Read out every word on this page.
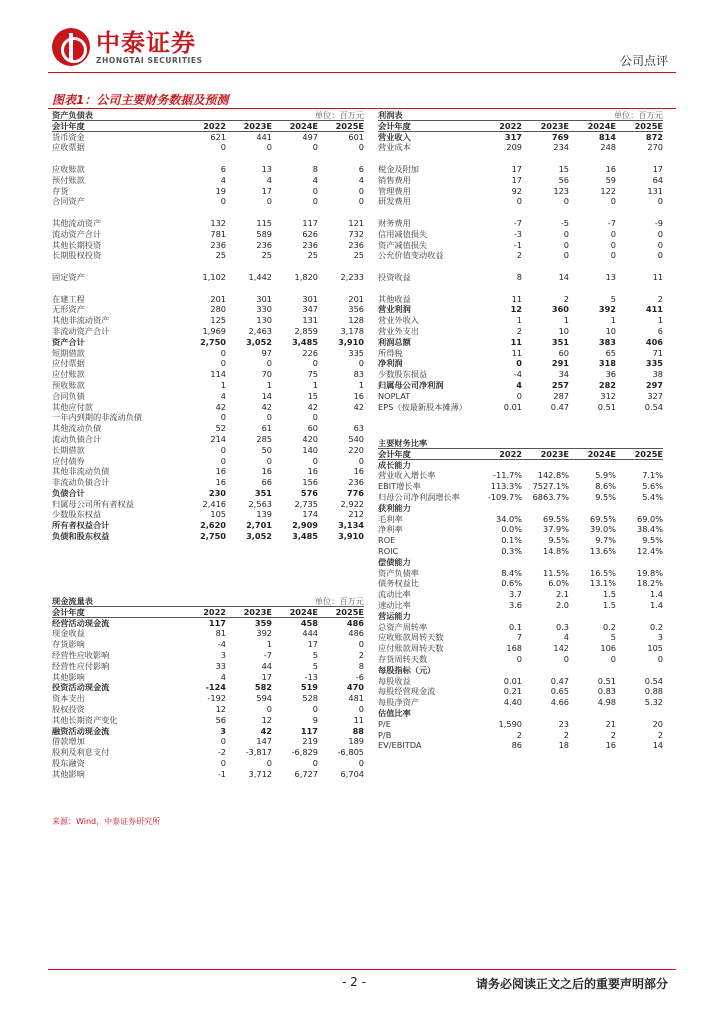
中泰证券
ZHONGTAI SECURITIES	公司点评
图表1：公司主要财务数据及预测
资产负债表	单位：百万元
会计年度	2022	2023E	2024E	2025E
货币资金	621	441	497	601
应收票据	0	0	0	0
应收账款	6	13	8	6
预付账款	4	4	4	4
存货	19	17	0	0
合同资产	0	0	0	0
其他流动资产	132	115	117	121
流动资产合计	781	589	626	732
其他长期投资	236	236	236	236
长期股权投资	25	25	25	25
固定资产	1,102	1,442	1,820	2,233
在建工程	201	301	301	201
无形资产	280	330	347	356
其他非流动资产	125	130	131	128
非流动资产合计	1,969	2,463	2,859	3,178
资产合计	2,750	3,052	3,485	3,910
短期借款	0	97	226	335
应付票据	0	0	0	0
应付账款	114	70	75	83
预收账款	1	1	1	1
合同负债	4	14	15	16
其他应付款	42	42	42	42
一年内到期的非流动负债	0	0	0
其他流动负债	52	61	60	63
流动负债合计	214	285	420	540
长期借款	0	50	140	220
应付债券	0	0	0	0
其他非流动负债	16	16	16	16
非流动负债合计	16	66	156	236
负债合计	230	351	576	776
归属母公司所有者权益	2,416	2,563	2,735	2,922
少数股东权益	105	139	174	212
所有者权益合计	2,620	2,701	2,909	3,134
负债和股东权益	2,750	3,052	3,485	3,910
现金流量表	单位：百万元
会计年度	2022	2023E	2024E	2025E
经营活动现金流	117	359	458	486
现金收益	81	392	444	486
存货影响	-4	1	17	0
经营性应收影响	3	-7	5	2
经营性应付影响	33	44	5	8
其他影响	4	17	-13	-6
投资活动现金流	-124	582	519	470
资本支出	-192	594	528	481
股权投资	12	0	0	0
其他长期资产变化	56	12	9	11
融资活动现金流	3	42	117	88
借款增加	0	147	219	189
股利及利息支付	-2	-3,817	-6,829	-6,805
股东融资	0	0	0	0
其他影响	-1	3,712	6,727	6,704
利润表	单位：百万元
会计年度	2022	2023E	2024E	2025E
营业收入	317	769	814	872
营业成本	209	234	248	270
税金及附加	17	15	16	17
销售费用	17	56	59	64
管理费用	92	123	122	131
研发费用	0	0	0	0
财务费用	-7	-5	-7	-9
信用减值损失	-3	0	0	0
资产减值损失	-1	0	0	0
公允价值变动收益	2	0	0	0
投资收益	8	14	13	11
其他收益	11	2	5	2
营业利润	12	360	392	411
营业外收入	1	1	1	1
营业外支出	2	10	10	6
利润总额	11	351	383	406
所得税	11	60	65	71
净利润	0	291	318	335
少数股东损益	-4	34	36	38
归属母公司净利润	4	257	282	297
NOPLAT	0	287	312	327
EPS（按最新股本摊薄）	0.01	0.47	0.51	0.54
主要财务比率
会计年度	2022	2023E	2024E	2025E
成长能力
营业收入增长率	-11.7%	142.8%	5.9%	7.1%
EBIT增长率	113.3%	7527.1%	8.6%	5.6%
归母公司净利润增长率	-109.7%	6863.7%	9.5%	5.4%
获利能力
毛利率	34.0%	69.5%	69.5%	69.0%
净利率	0.0%	37.9%	39.0%	38.4%
ROE	0.1%	9.5%	9.7%	9.5%
ROIC	0.3%	14.8%	13.6%	12.4%
偿债能力
资产负债率	8.4%	11.5%	16.5%	19.8%
债务权益比	0.6%	6.0%	13.1%	18.2%
流动比率	3.7	2.1	1.5	1.4
速动比率	3.6	2.0	1.5	1.4
营运能力
总资产周转率	0.1	0.3	0.2	0.2
应收账款周转天数	7	4	5	3
应付账款周转天数	168	142	106	105
存货周转天数	0	0	0	0
每股指标（元）
每股收益	0.01	0.47	0.51	0.54
每股经营现金流	0.21	0.65	0.83	0.88
每股净资产	4.40	4.66	4.98	5.32
估值比率
P/E	1,590	23	21	20
P/B	2	2	2	2
EV/EBITDA	86	18	16	14
来源：Wind，中泰证券研究所
- 2 -	请务必阅读正文之后的重要声明部分
